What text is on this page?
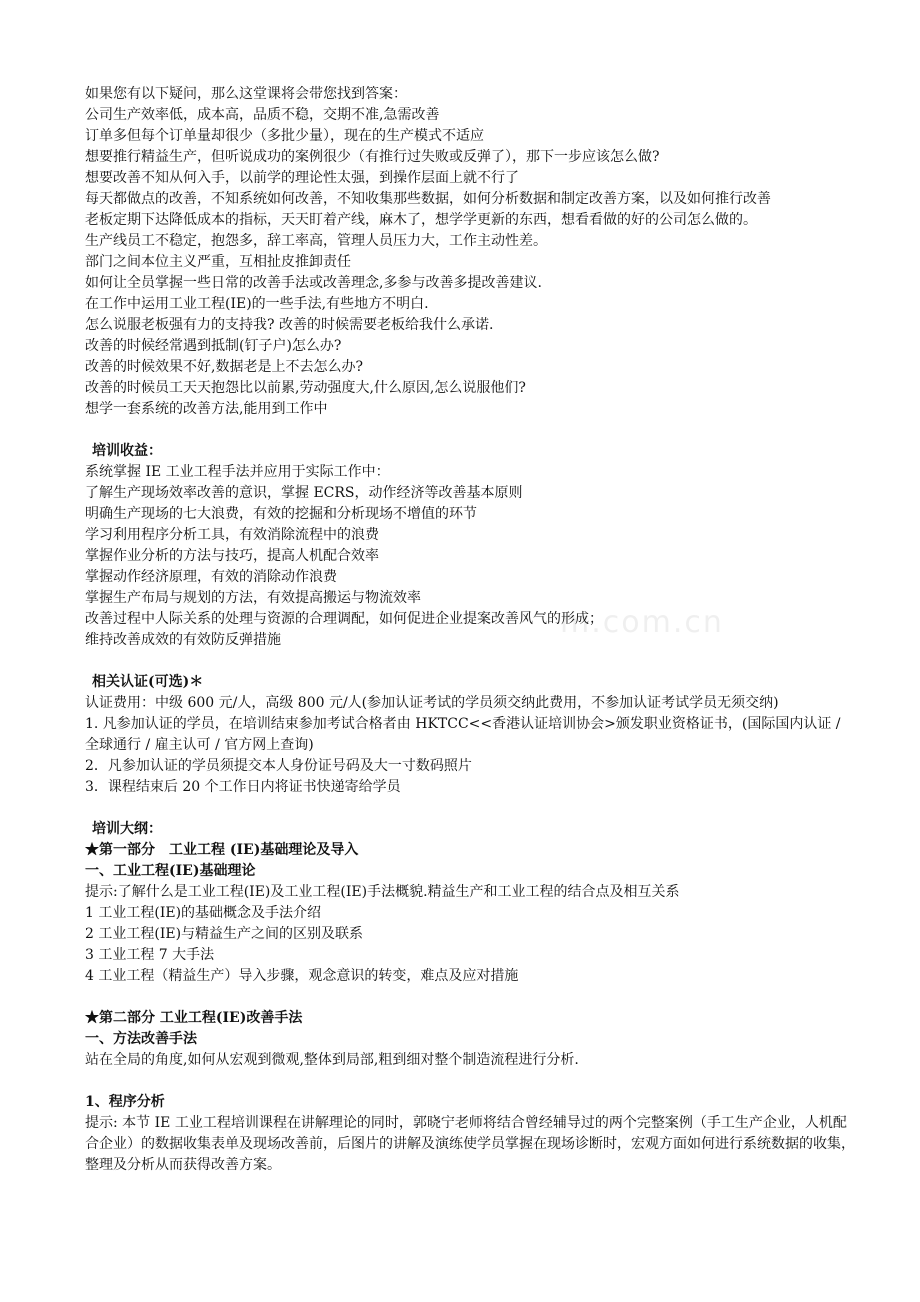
m.com.cn

如果您有以下疑问，那么这堂课将会带您找到答案：

公司生产效率低，成本高，品质不稳，交期不准,急需改善

订单多但每个订单量却很少（多批少量），现在的生产模式不适应

想要推行精益生产，但听说成功的案例很少（有推行过失败或反弹了），那下一步应该怎么做?

想要改善不知从何入手，以前学的理论性太强，到操作层面上就不行了

每天都做点的改善，不知系统如何改善，不知收集那些数据，如何分析数据和制定改善方案，以及如何推行改善

老板定期下达降低成本的指标，天天盯着产线，麻木了，想学学更新的东西，想看看做的好的公司怎么做的。

生产线员工不稳定，抱怨多，辞工率高，管理人员压力大，工作主动性差。

部门之间本位主义严重，互相扯皮推卸责任

如何让全员掌握一些日常的改善手法或改善理念,多参与改善多提改善建议.

在工作中运用工业工程(IE)的一些手法,有些地方不明白.

怎么说服老板强有力的支持我? 改善的时候需要老板给我什么承诺.

改善的时候经常遇到抵制(钉子户)怎么办?

改善的时候效果不好,数据老是上不去怎么办?

改善的时候员工天天抱怨比以前累,劳动强度大,什么原因,怎么说服他们?

想学一套系统的改善方法,能用到工作中

培训收益：

系统掌握 IE 工业工程手法并应用于实际工作中：

了解生产现场效率改善的意识，掌握 ECRS，动作经济等改善基本原则

明确生产现场的七大浪费，有效的挖掘和分析现场不增值的环节

学习利用程序分析工具，有效消除流程中的浪费

掌握作业分析的方法与技巧，提高人机配合效率

掌握动作经济原理，有效的消除动作浪费

掌握生产布局与规划的方法，有效提高搬运与物流效率

改善过程中人际关系的处理与资源的合理调配，如何促进企业提案改善风气的形成；

维持改善成效的有效防反弹措施

相关认证(可选)＊

认证费用：中级 600 元/人，高级 800 元/人(参加认证考试的学员须交纳此费用，不参加认证考试学员无须交纳)

1. 凡参加认证的学员，在培训结束参加考试合格者由 HKTCC<<香港认证培训协会>颁发职业资格证书，(国际国内认证 / 全球通行 / 雇主认可 / 官方网上查询)

2．凡参加认证的学员须提交本人身份证号码及大一寸数码照片

3．课程结束后 20 个工作日内将证书快递寄给学员

培训大纲：

★第一部分　工业工程 (IE)基础理论及导入

一、工业工程(IE)基础理论

提示:了解什么是工业工程(IE)及工业工程(IE)手法概貌.精益生产和工业工程的结合点及相互关系

1 工业工程(IE)的基础概念及手法介绍

2 工业工程(IE)与精益生产之间的区别及联系

3 工业工程 7 大手法

4 工业工程（精益生产）导入步骤，观念意识的转变，难点及应对措施

★第二部分 工业工程(IE)改善手法

一、方法改善手法

站在全局的角度,如何从宏观到微观,整体到局部,粗到细对整个制造流程进行分析.

1、程序分析

提示: 本节 IE 工业工程培训课程在讲解理论的同时，郭晓宁老师将结合曾经辅导过的两个完整案例（手工生产企业，人机配合企业）的数据收集表单及现场改善前，后图片的讲解及演练使学员掌握在现场诊断时，宏观方面如何进行系统数据的收集，整理及分析从而获得改善方案。
